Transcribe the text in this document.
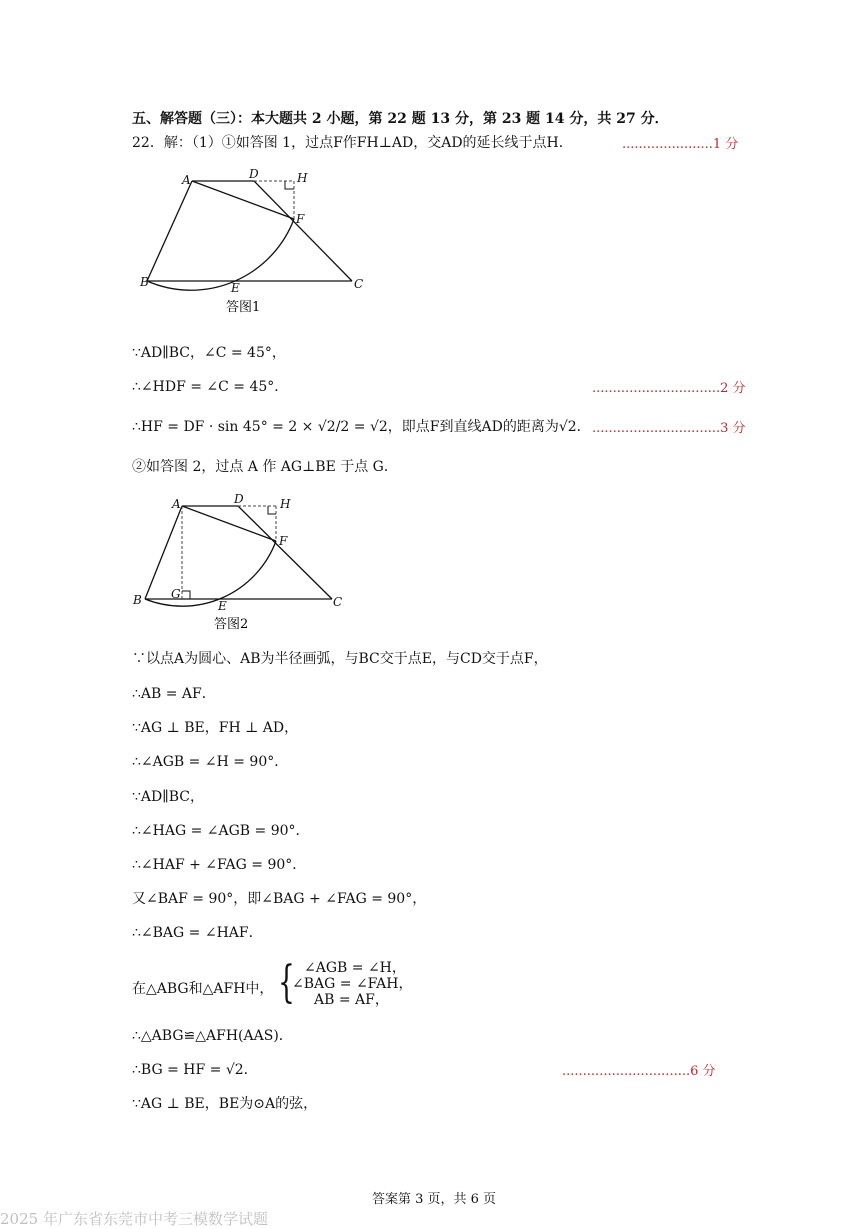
五、解答题（三）：本大题共 2 小题，第 22 题 13 分，第 23 题 14 分，共 27 分．
22．解：（1）①如答图 1，过点F作FH⊥AD，交AD的延长线于点H．	......................1 分
A	D	H
F
B	E	C
答图1
∵AD∥BC，∠C = 45°，
∴∠HDF = ∠C = 45°．	...............................2 分
∴HF = DF · sin 45° = 2 × √2/2 = √2，即点F到直线AD的距离为√2． ...............................3 分
②如答图 2，过点 A 作 AG⊥BE 于点 G．
A	D	H
F
B G
E	C
答图2
∵以点A为圆心、AB为半径画弧，与BC交于点E，与CD交于点F，
∴AB = AF．
∵AG ⊥ BE，FH ⊥ AD，
∴∠AGB = ∠H = 90°．
∵AD∥BC，
∴∠HAG = ∠AGB = 90°．
∴∠HAF + ∠FAG = 90°．
又∠BAF = 90°，即∠BAG + ∠FAG = 90°，
∴∠BAG = ∠HAF．
在△ABG和△AFH中， { ∠AGB = ∠H，
∠BAG = ∠FAH，
AB = AF，
∴△ABG≌△AFH(AAS)．
∴BG = HF = √2．	...............................6 分
∵AG ⊥ BE，BE为⊙A的弦，
答案第 3 页，共 6 页
2025 年广东省东莞市中考三模数学试题
